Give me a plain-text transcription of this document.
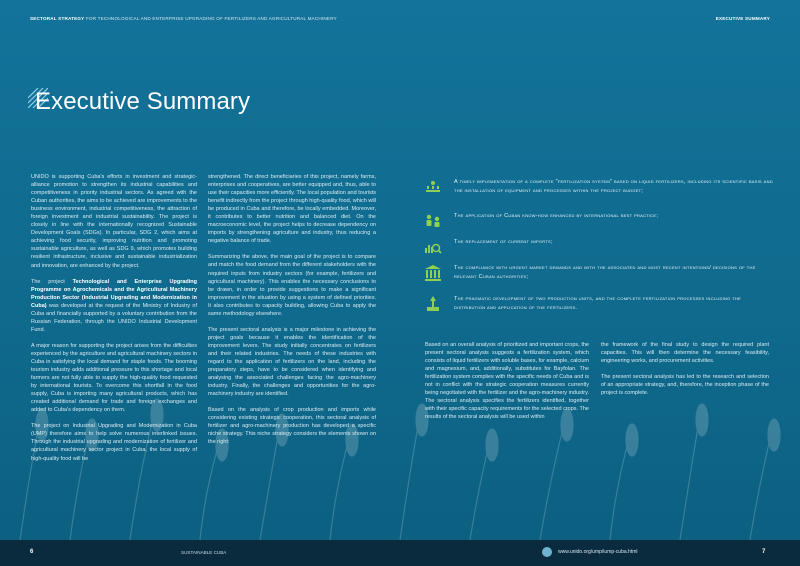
SECTORAL STRATEGY FOR TECHNOLOGICAL AND ENTERPRISE UPGRADING OF FERTILIZERS AND AGRICULTURAL MACHINERY	EXECUTIVE SUMMARY
Executive Summary

UNIDO is supporting Cuba's efforts in investment and strategic-alliance promotion to strengthen its industrial capabilities and competitiveness in priority industrial sectors. As agreed with the Cuban authorities, the aims to be achieved are improvements to the business environment, industrial competitiveness, the attraction of foreign investment and industrial sustainability. The project is closely in line with the internationally recognized Sustainable Development Goals (SDGs). In particular, SDG 2, which aims at achieving food security, improving nutrition and promoting sustainable agriculture, as well as SDG 9, which promotes building resilient infrastructure, inclusive and sustainable industrialization and innovation, are enhanced by the project.

The project Technological and Enterprise Upgrading Programme on Agrochemicals and the Agricultural Machinery Production Sector (Industrial Upgrading and Modernization in Cuba) was developed at the request of the Ministry of Industry of Cuba and financially supported by a voluntary contribution from the Russian Federation, through the UNIDO Industrial Development Fund.

A major reason for supporting the project arises from the difficulties experienced by the agriculture and agricultural machinery sectors in Cuba in satisfying the local demand for staple foods. The booming tourism industry adds additional pressure to this shortage and local farmers are not fully able to supply the high-quality food requested by international tourists. To overcome this shortfall in the food supply, Cuba is importing many agricultural products, which has created additional demand for trade and foreign exchanges and added to Cuba's dependency on them.

The project on Industrial Upgrading and Modernization in Cuba (UMP) therefore aims to help solve numerous interlinked issues. Through the industrial upgrading and modernization of fertilizer and agricultural machinery sector project in Cuba, the local supply of high-quality food will be

strengthened. The direct beneficiaries of this project, namely farms, enterprises and cooperatives, are better equipped and, thus, able to use their capacities more efficiently. The local population and tourists benefit indirectly from the project through high-quality food, which will be produced in Cuba and therefore, be locally embedded. Moreover, it contributes to better nutrition and balanced diet. On the macroeconomic level, the project helps to decrease dependency on imports by strengthening agriculture and industry, thus reducing a negative balance of trade.

Summarizing the above, the main goal of the project is to compare and match the food demand from the different stakeholders with the required inputs from industry sectors (for example, fertilizers and agricultural machinery). This enables the necessary conclusions to be drawn, in order to provide suggestions to make a significant improvement in the situation by using a system of defined priorities. It also contributes to capacity building, allowing Cuba to apply the same methodology elsewhere.

The present sectoral analysis is a major milestone in achieving the project goals because it enables the identification of the improvement levers. The study initially concentrates on fertilizers and their related industries. The needs of these industries with regard to the application of fertilizers on the land, including the preparatory steps, have to be considered when identifying and analysing the associated challenges facing the agro-machinery industry. Finally, the challenges and opportunities for the agro-machinery industry are identified.

Based on the analysis of crop production and imports while considering existing strategic cooperation, this sectoral analysis of fertilizer and agro-machinery production has developed a specific niche strategy. This niche strategy considers the elements shown on the right:

A timely implementation of a complete "fertilization system" based on liquid fertilizers, including its scientific basis and the installation of equipment and processes within the project budget;
The application of Cuban know-how enhanced by international best practice;
The replacement of current imports;
The compliance with urgent market demands and with the associated and most recent intentions/ decisions of the relevant Cuban authorities;
The pragmatic development of two production units, and the complete fertilization processes including the distribution and application of the fertilizers.

Based on an overall analysis of prioritized and important crops, the present sectoral analysis suggests a fertilization system, which consists of liquid fertilizers with soluble bases, for example, calcium and magnesium, and, additionally, substitutes for Bayfolan. The fertilization system complies with the specific needs of Cuba and is not in conflict with the strategic cooperation measures currently being negotiated with the fertilizer and the agro-machinery industry. The sectoral analysis specifies the fertilizers identified, together with their specific capacity requirements for the selected crops. The results of the sectoral analysis will be used within

the framework of the final study to design the required plant capacities. This will then determine the necessary feasibility, engineering works, and procurement activities.

The present sectoral analysis has led to the research and selection of an appropriate strategy, and, therefore, the inception phase of the project is complete.

6	SUSTAINABLE CUBA	www.unido.org/ump/iump-cuba.html	7
